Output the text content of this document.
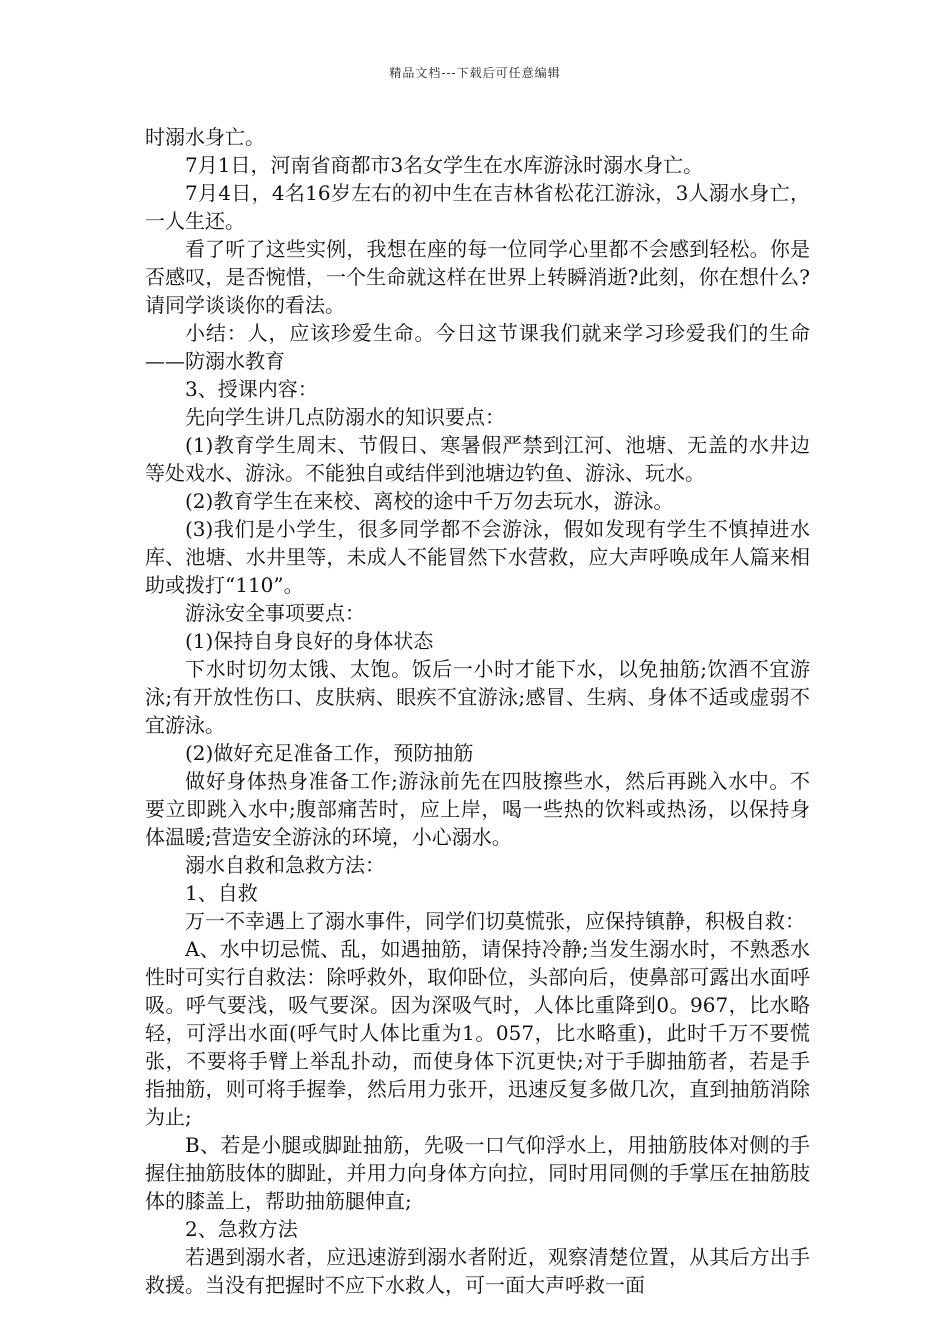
精品文档---下载后可任意编辑

时溺水身亡。

7月1日，河南省商都市3名女学生在水库游泳时溺水身亡。

7月4日，4名16岁左右的初中生在吉林省松花江游泳，3人溺水身亡，一人生还。

看了听了这些实例，我想在座的每一位同学心里都不会感到轻松。你是否感叹，是否惋惜，一个生命就这样在世界上转瞬消逝?此刻，你在想什么?请同学谈谈你的看法。

小结：人，应该珍爱生命。今日这节课我们就来学习珍爱我们的生命——防溺水教育

3、授课内容：

先向学生讲几点防溺水的知识要点：

(1)教育学生周末、节假日、寒暑假严禁到江河、池塘、无盖的水井边等处戏水、游泳。不能独自或结伴到池塘边钓鱼、游泳、玩水。

(2)教育学生在来校、离校的途中千万勿去玩水，游泳。

(3)我们是小学生，很多同学都不会游泳，假如发现有学生不慎掉进水库、池塘、水井里等，未成人不能冒然下水营救，应大声呼唤成年人篇来相助或拨打“110”。

游泳安全事项要点：

(1)保持自身良好的身体状态

下水时切勿太饿、太饱。饭后一小时才能下水，以免抽筋;饮酒不宜游泳;有开放性伤口、皮肤病、眼疾不宜游泳;感冒、生病、身体不适或虚弱不宜游泳。

(2)做好充足准备工作，预防抽筋

做好身体热身准备工作;游泳前先在四肢擦些水，然后再跳入水中。不要立即跳入水中;腹部痛苦时，应上岸，喝一些热的饮料或热汤，以保持身体温暖;营造安全游泳的环境，小心溺水。

溺水自救和急救方法：

1、自救

万一不幸遇上了溺水事件，同学们切莫慌张，应保持镇静，积极自救：

A、水中切忌慌、乱，如遇抽筋，请保持冷静;当发生溺水时，不熟悉水性时可实行自救法：除呼救外，取仰卧位，头部向后，使鼻部可露出水面呼吸。呼气要浅，吸气要深。因为深吸气时，人体比重降到0。967，比水略轻，可浮出水面(呼气时人体比重为1。057，比水略重)，此时千万不要慌张，不要将手臂上举乱扑动，而使身体下沉更快;对于手脚抽筋者，若是手指抽筋，则可将手握拳，然后用力张开，迅速反复多做几次，直到抽筋消除为止;

B、若是小腿或脚趾抽筋，先吸一口气仰浮水上，用抽筋肢体对侧的手握住抽筋肢体的脚趾，并用力向身体方向拉，同时用同侧的手掌压在抽筋肢体的膝盖上，帮助抽筋腿伸直;

2、急救方法

若遇到溺水者，应迅速游到溺水者附近，观察清楚位置，从其后方出手救援。当没有把握时不应下水救人，可一面大声呼救一面
